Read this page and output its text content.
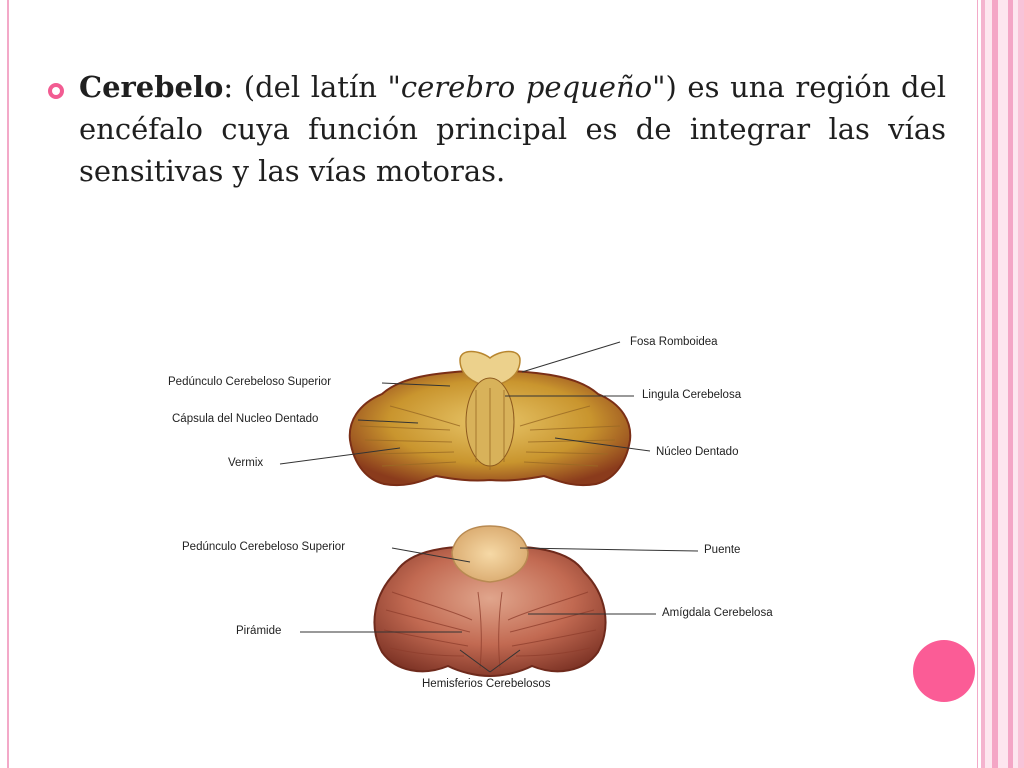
Cerebelo: (del latín "cerebro pequeño") es una región del encéfalo cuya función principal es de integrar las vías sensitivas y las vías motoras.

Fosa Romboidea
Pedúnculo Cerebeloso Superior
Lingula Cerebelosa
Cápsula del Nucleo Dentado
Núcleo Dentado
Vermix
Pedúnculo Cerebeloso Superior	Puente
Amígdala Cerebelosa
Pirámide
Hemisferios Cerebelosos
